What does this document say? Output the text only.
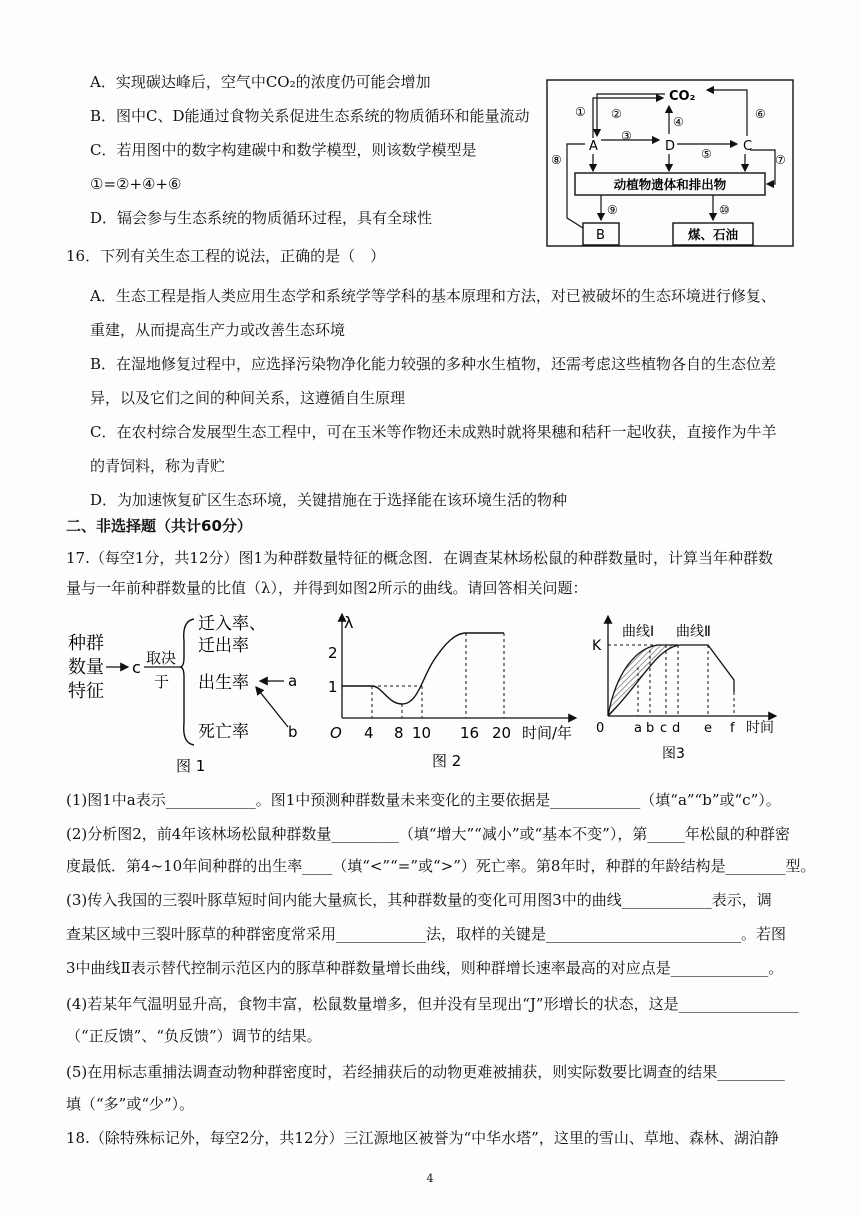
A．实现碳达峰后，空气中CO₂的浓度仍可能会增加
B．图中C、D能通过食物关系促进生态系统的物质循环和能量流动
C．若用图中的数字构建碳中和数学模型，则该数学模型是
①=②+④+⑥
D．镉会参与生态系统的物质循环过程，具有全球性
CO₂
A	D	C
动植物遗体和排出物
B	煤、石油
① ②
③
④
⑤
⑥
⑦
⑧
⑨	⑩
16．下列有关生态工程的说法，正确的是（　）
A．生态工程是指人类应用生态学和系统学等学科的基本原理和方法，对已被破坏的生态环境进行修复、
重建，从而提高生产力或改善生态环境
B．在湿地修复过程中，应选择污染物净化能力较强的多种水生植物，还需考虑这些植物各自的生态位差
异，以及它们之间的种间关系，这遵循自生原理
C．在农村综合发展型生态工程中，可在玉米等作物还未成熟时就将果穗和秸秆一起收获，直接作为牛羊
的青饲料，称为青贮
D．为加速恢复矿区生态环境，关键措施在于选择能在该环境生活的物种
二、非选择题（共计60分）
17.（每空1分，共12分）图1为种群数量特征的概念图．在调查某林场松鼠的种群数量时，计算当年种群数
量与一年前种群数量的比值（λ），并得到如图2所示的曲线。请回答相关问题：
种群
数量
特征
c 取决
于
迁入率、
迁出率
出生率
死亡率
a
b
图 1
λ
2
1
O 4 8 10 16 20 时间/年
图 2
K
曲线Ⅰ 曲线Ⅱ
0 a b c d e f 时间
图3
(1)图1中a表示____________。图1中预测种群数量未来变化的主要依据是____________（填“a”“b”或“c”）。
(2)分析图2，前4年该林场松鼠种群数量_________（填“增大”“减小”或“基本不变”），第_____年松鼠的种群密
度最低．第4~10年间种群的出生率____（填“<”“=”或“>”）死亡率。第8年时，种群的年龄结构是________型。
(3)传入我国的三裂叶豚草短时间内能大量疯长，其种群数量的变化可用图3中的曲线____________表示，调
查某区域中三裂叶豚草的种群密度常采用____________法，取样的关键是__________________________。若图
3中曲线Ⅱ表示替代控制示范区内的豚草种群数量增长曲线，则种群增长速率最高的对应点是_____________。
(4)若某年气温明显升高，食物丰富，松鼠数量增多，但并没有呈现出“J”形增长的状态，这是________________
（“正反馈”、“负反馈”）调节的结果。
(5)在用标志重捕法调查动物种群密度时，若经捕获后的动物更难被捕获，则实际数要比调查的结果_________
填（“多”或“少”）。
18.（除特殊标记外，每空2分，共12分）三江源地区被誉为“中华水塔”，这里的雪山、草地、森林、湖泊静
4
